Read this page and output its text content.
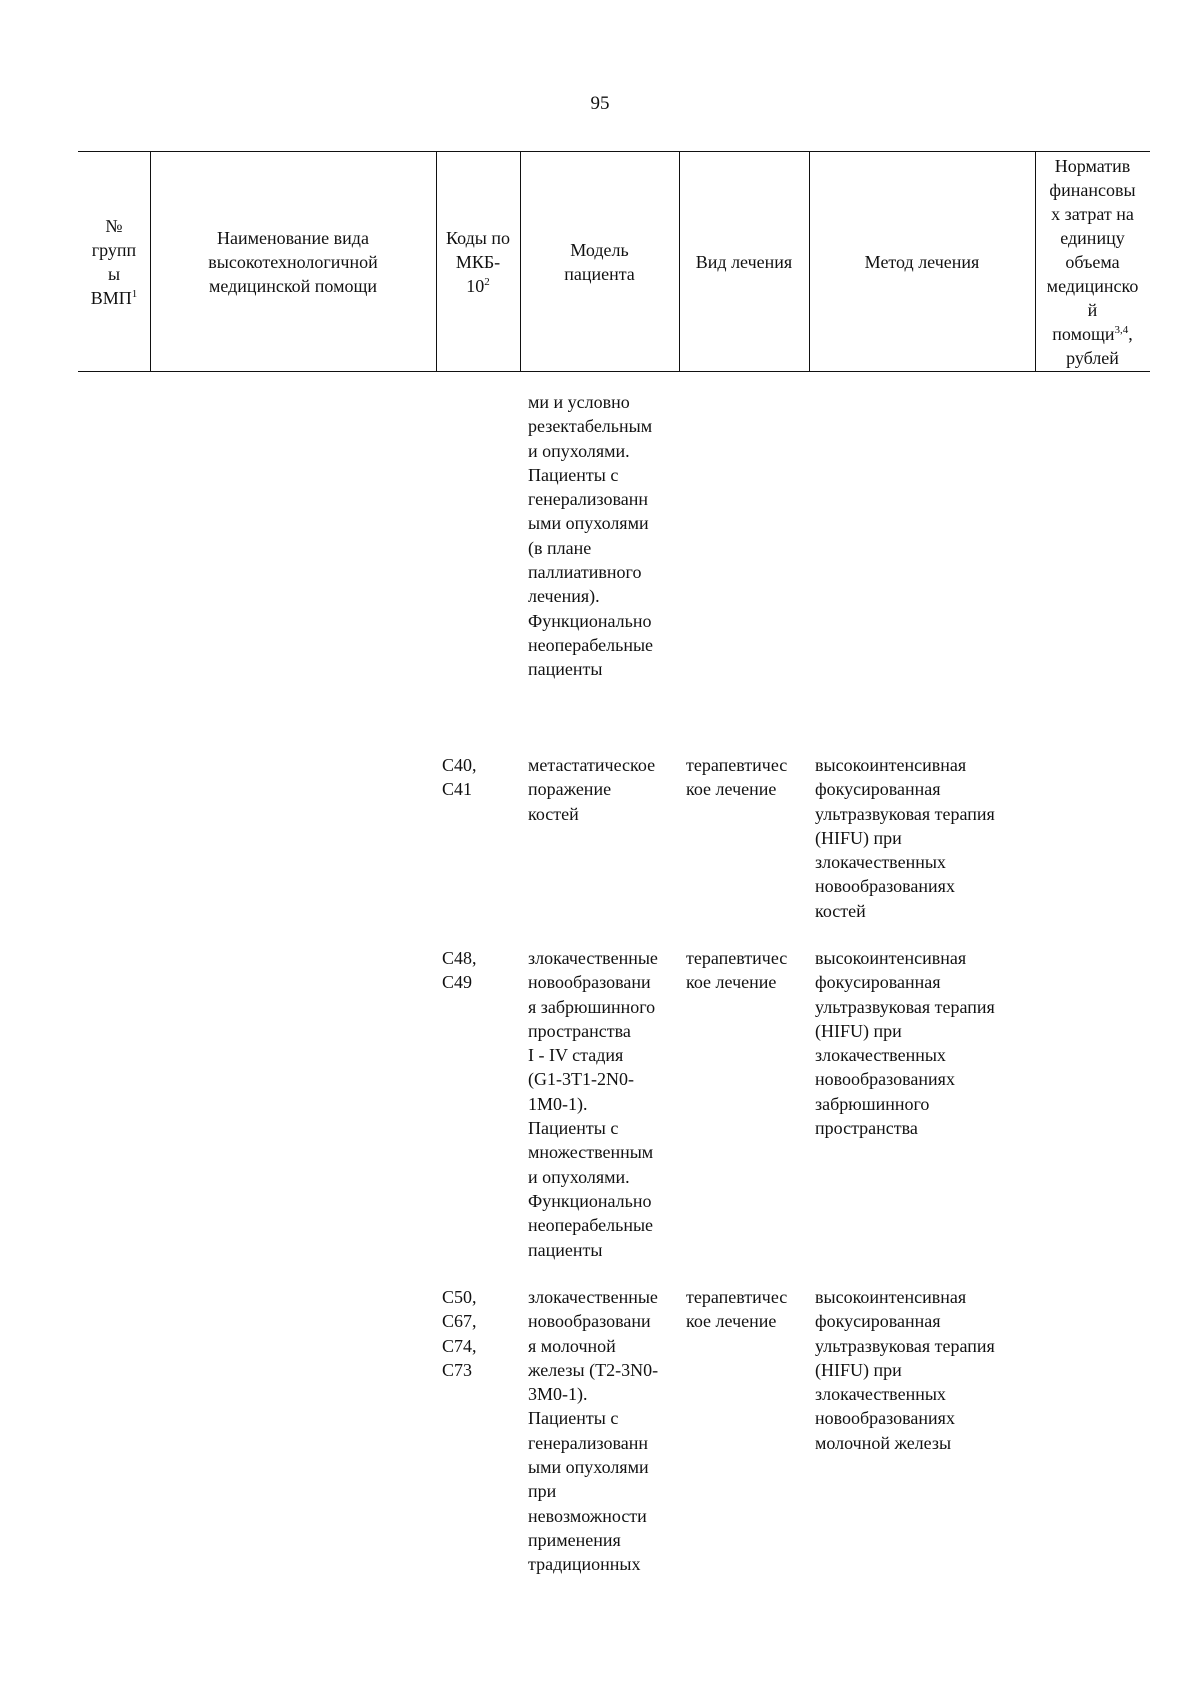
95
№
групп
ы
ВМП$^1$
Наименование вида
высокотехнологичной
медицинской помощи
Коды по
МКБ-
$10^2$
Модель
пациента
Вид лечения	Метод лечения
Норматив
финансовы
х затрат на
единицу
объема
медицинско
й
помощи$^{3,4}$,
рублей
ми и условно
резектабельным
и опухолями.
Пациенты с
генерализованн
ыми опухолями
(в плане
паллиативного
лечения).
Функционально
неоперабельные
пациенты
С40,
С41
метастатическое
поражение
костей
терапевтичес
кое лечение
высокоинтенсивная
фокусированная
ультразвуковая терапия
(HIFU) при
злокачественных
новообразованиях
костей
С48,
С49
злокачественные
новообразовани
я забрюшинного
пространства
I - IV стадия
(G1-3T1-2N0-
1M0-1).
Пациенты с
множественным
и опухолями.
Функционально
неоперабельные
пациенты
терапевтичес
кое лечение
высокоинтенсивная
фокусированная
ультразвуковая терапия
(HIFU) при
злокачественных
новообразованиях
забрюшинного
пространства
С50,
С67,
С74,
С73
злокачественные
новообразовани
я молочной
железы (Т2-3N0-
3M0-1).
Пациенты с
генерализованн
ыми опухолями
при
невозможности
применения
традиционных
терапевтичес
кое лечение
высокоинтенсивная
фокусированная
ультразвуковая терапия
(HIFU) при
злокачественных
новообразованиях
молочной железы
